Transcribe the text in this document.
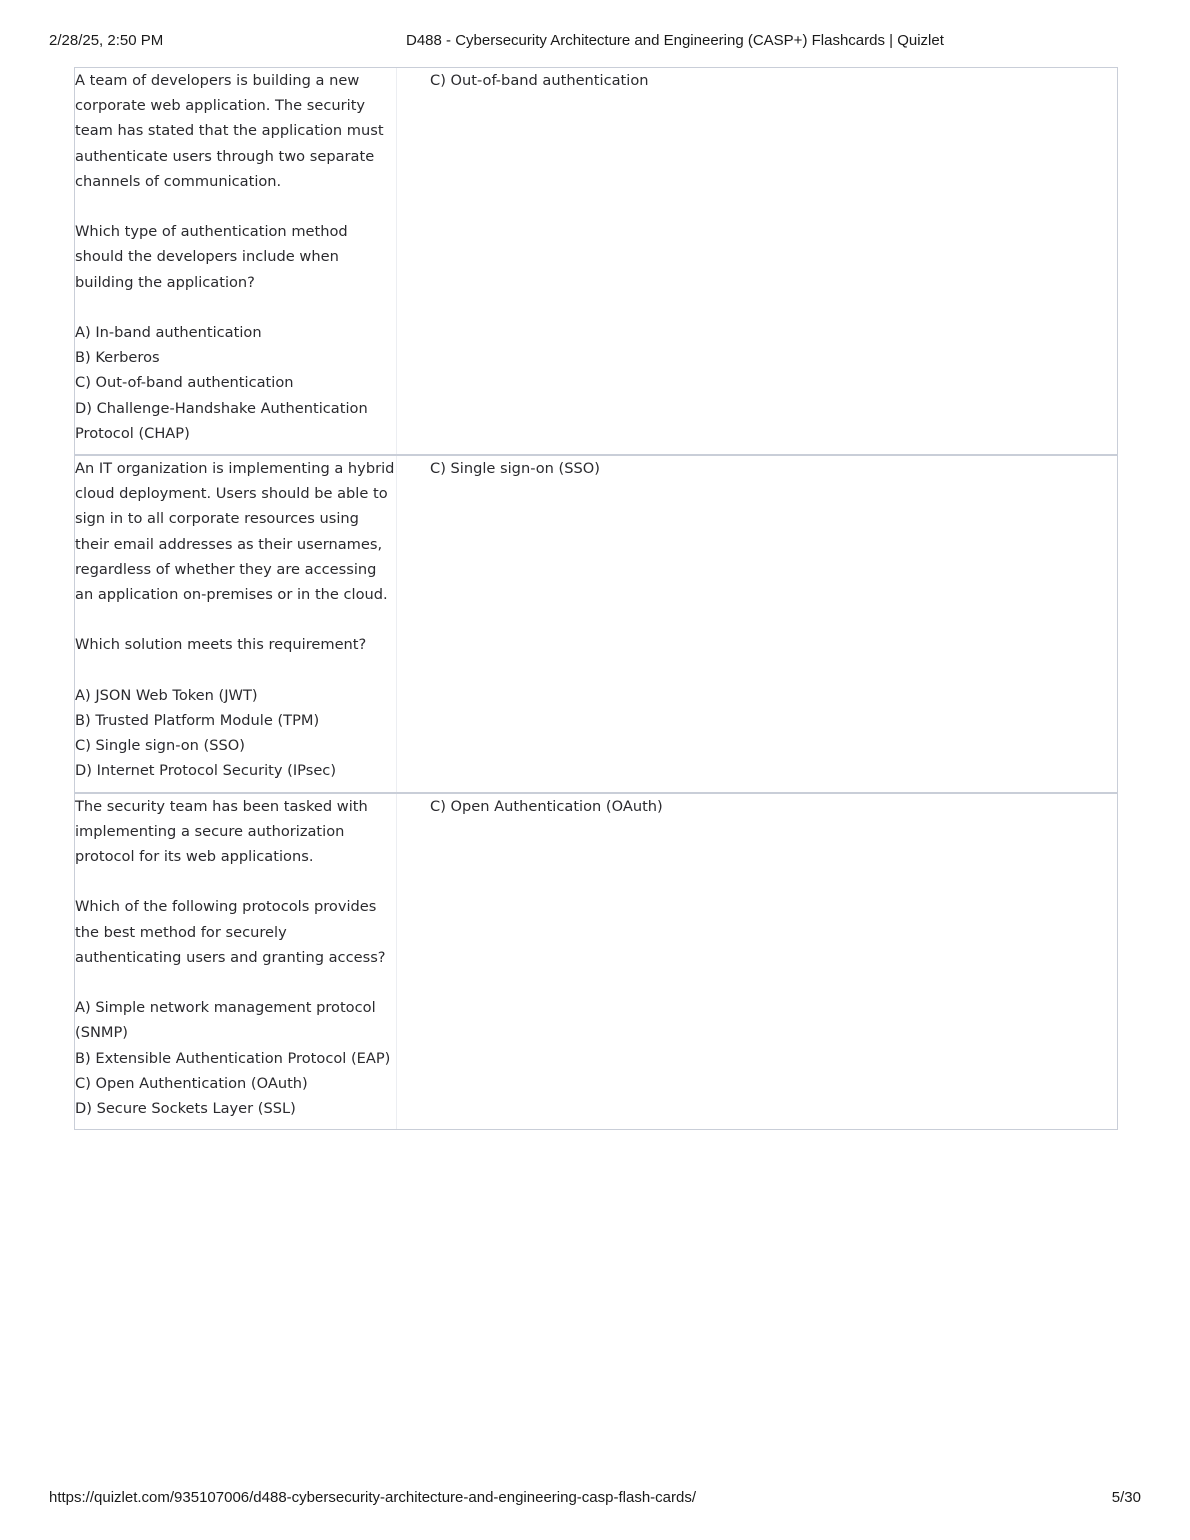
2/28/25, 2:50 PM	D488 - Cybersecurity Architecture and Engineering (CASP+) Flashcards | Quizlet

A team of developers is building a new

corporate web application. The security

team has stated that the application must

authenticate users through two separate

channels of communication.

Which type of authentication method

should the developers include when

building the application?

A) In-band authentication

B) Kerberos

C) Out-of-band authentication

D) Challenge-Handshake Authentication

Protocol (CHAP)

C) Out-of-band authentication

An IT organization is implementing a hybrid

cloud deployment. Users should be able to

sign in to all corporate resources using

their email addresses as their usernames,

regardless of whether they are accessing

an application on-premises or in the cloud.

Which solution meets this requirement?

A) JSON Web Token (JWT)

B) Trusted Platform Module (TPM)

C) Single sign-on (SSO)

D) Internet Protocol Security (IPsec)

C) Single sign-on (SSO)

The security team has been tasked with

implementing a secure authorization

protocol for its web applications.

Which of the following protocols provides

the best method for securely

authenticating users and granting access?

A) Simple network management protocol

(SNMP)

B) Extensible Authentication Protocol (EAP)

C) Open Authentication (OAuth)

D) Secure Sockets Layer (SSL)

C) Open Authentication (OAuth)

https://quizlet.com/935107006/d488-cybersecurity-architecture-and-engineering-casp-flash-cards/	5/30
